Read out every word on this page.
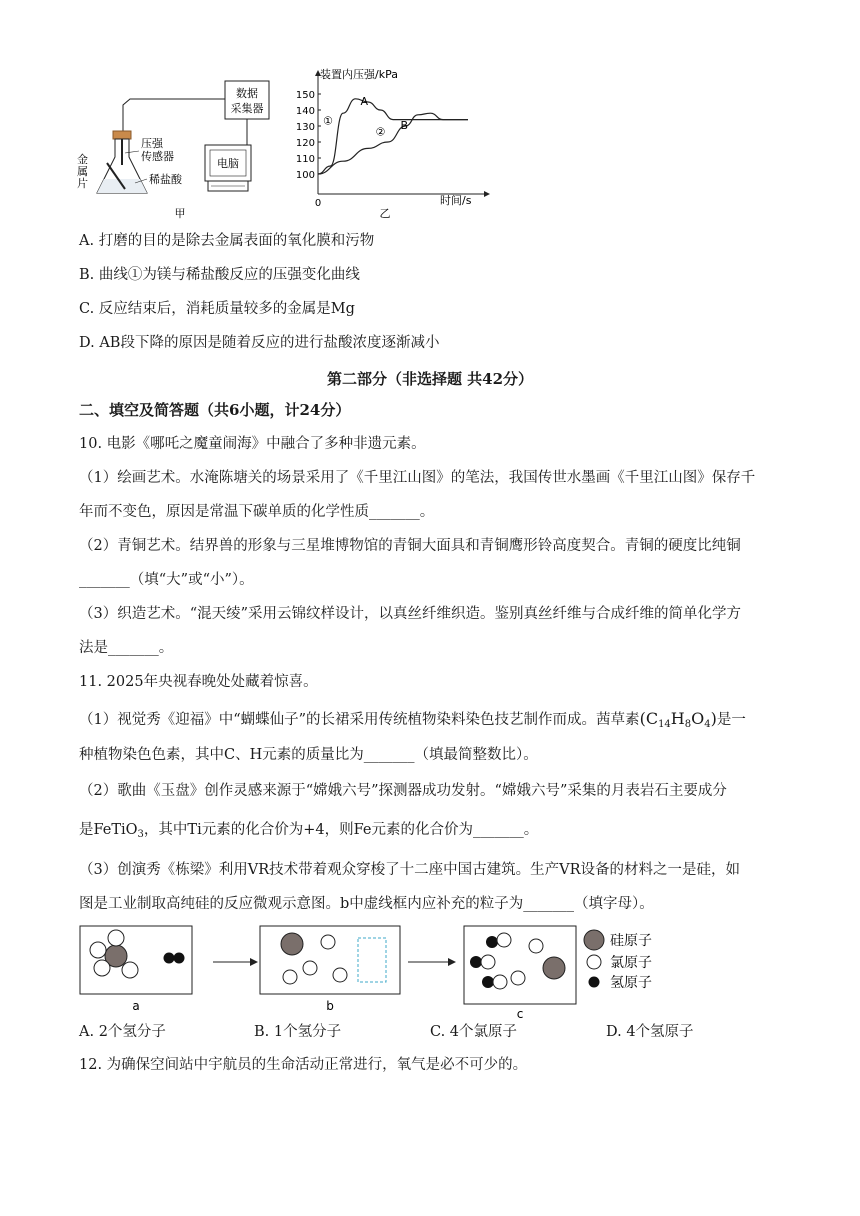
数据
采集器
电脑
压强
传感器
稀盐酸
金
属
片
甲
装置内压强/kPa
时间/s
乙
100
110
120
130
140
150
0
A
B
①
②
A. 打磨的目的是除去金属表面的氧化膜和污物
B. 曲线①为镁与稀盐酸反应的压强变化曲线
C. 反应结束后，消耗质量较多的金属是Mg
D. AB段下降的原因是随着反应的进行盐酸浓度逐渐减小
第二部分（非选择题 共42分）
二、填空及简答题（共6小题，计24分）
10. 电影《哪吒之魔童闹海》中融合了多种非遗元素。
（1）绘画艺术。水淹陈塘关的场景采用了《千里江山图》的笔法，我国传世水墨画《千里江山图》保存千
年而不变色，原因是常温下碳单质的化学性质_______。
（2）青铜艺术。结界兽的形象与三星堆博物馆的青铜大面具和青铜鹰形铃高度契合。青铜的硬度比纯铜
_______（填“大”或“小”）。
（3）织造艺术。“混天绫”采用云锦纹样设计，以真丝纤维织造。鉴别真丝纤维与合成纤维的简单化学方
法是_______。
11. 2025年央视春晚处处藏着惊喜。
（1）视觉秀《迎福》中“蝴蝶仙子”的长裙采用传统植物染料染色技艺制作而成。茜草素$(C_{14}H_8O_4)$是一
种植物染色色素，其中C、H元素的质量比为_______（填最简整数比）。
（2）歌曲《玉盘》创作灵感来源于“嫦娥六号”探测器成功发射。“嫦娥六号”采集的月表岩石主要成分
是FeTiO$_3$，其中Ti元素的化合价为+4，则Fe元素的化合价为_______。
（3）创演秀《栋梁》利用VR技术带着观众穿梭了十二座中国古建筑。生产VR设备的材料之一是硅，如
图是工业制取高纯硅的反应微观示意图。b中虚线框内应补充的粒子为_______（填字母）。
a	b
c
硅原子
氯原子
氢原子
A. 2个氢分子	B. 1个氢分子	C. 4个氯原子	D. 4个氢原子
12. 为确保空间站中宇航员的生命活动正常进行，氧气是必不可少的。
